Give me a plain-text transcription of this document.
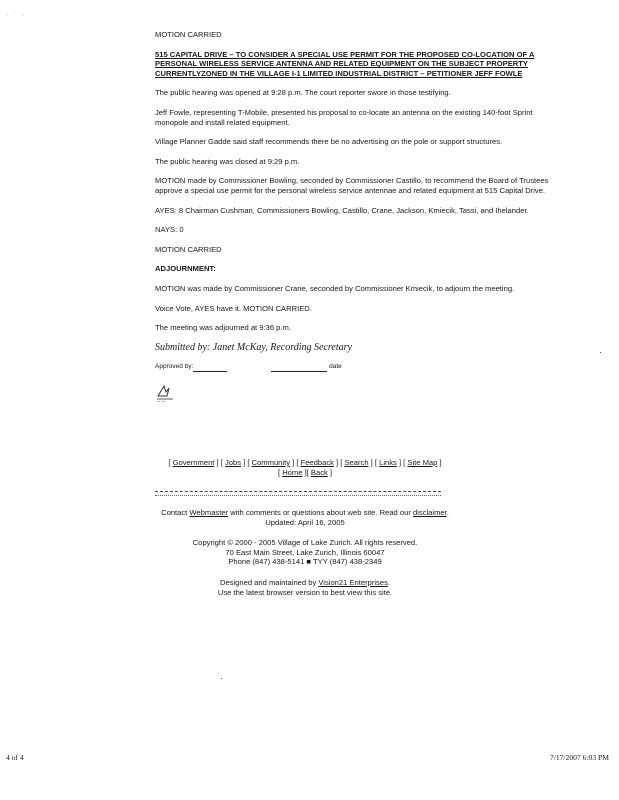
· ˙ ·

MOTION CARRIED

515 CAPITAL DRIVE – TO CONSIDER A SPECIAL USE PERMIT FOR THE PROPOSED CO-LOCATION OF A PERSONAL WIRELESS SERVICE ANTENNA AND RELATED EQUIPMENT ON THE SUBJECT PROPERTY CURRENTLYZONED IN THE VILLAGE I-1 LIMITED INDUSTRIAL DISTRICT – PETITIONER JEFF FOWLE

The public hearing was opened at 9:28 p.m. The court reporter swore in those testifying.

Jeff Fowle, representing T-Mobile, presented his proposal to co-locate an antenna on the existing 140-foot Sprint monopole and install related equipment.

Village Planner Gadde said staff recommends there be no advertising on the pole or support structures.

The public hearing was closed at 9:29 p.m.

MOTION made by Commissioner Bowling, seconded by Commissioner Castillo, to recommend the Board of Trustees approve a special use permit for the personal wireless service antennae and related equipment at 515 Capital Drive.

AYES: 8 Chairman Cushman, Commissioners Bowling, Castillo, Crane, Jackson, Kmiecik, Tassi, and Ihelander.

NAYS: 0

MOTION CARRIED

ADJOURNMENT:

MOTION was made by Commissioner Crane, seconded by Commissioner Kmiecik, to adjourn the meeting.

Voice Vote, AYES have it. MOTION CARRIED.

The meeting was adjourned at 9:36 p.m.

Submitted by: Janet McKay, Recording Secretary

Approved by:	date
~ ~
[ Government ] [ Jobs ] [ Community ] [ Feedback ] [ Search ] [ Links ] [ Site Map ]
[ Home ][ Back ]
Contact Webmaster with comments or questions about web site. Read our disclaimer.
Updated: April 16, 2005
Copyright © 2000 - 2005 Village of Lake Zurich. All rights reserved.
70 East Main Street, Lake Zurich, Illinois 60047
Phone (847) 438-5141 ■ TYY (847) 438-2349
Designed and maintained by Vision21 Enterprises.
Use the latest browser version to best view this site.
4 of 4	7/17/2007 6:03 PM
